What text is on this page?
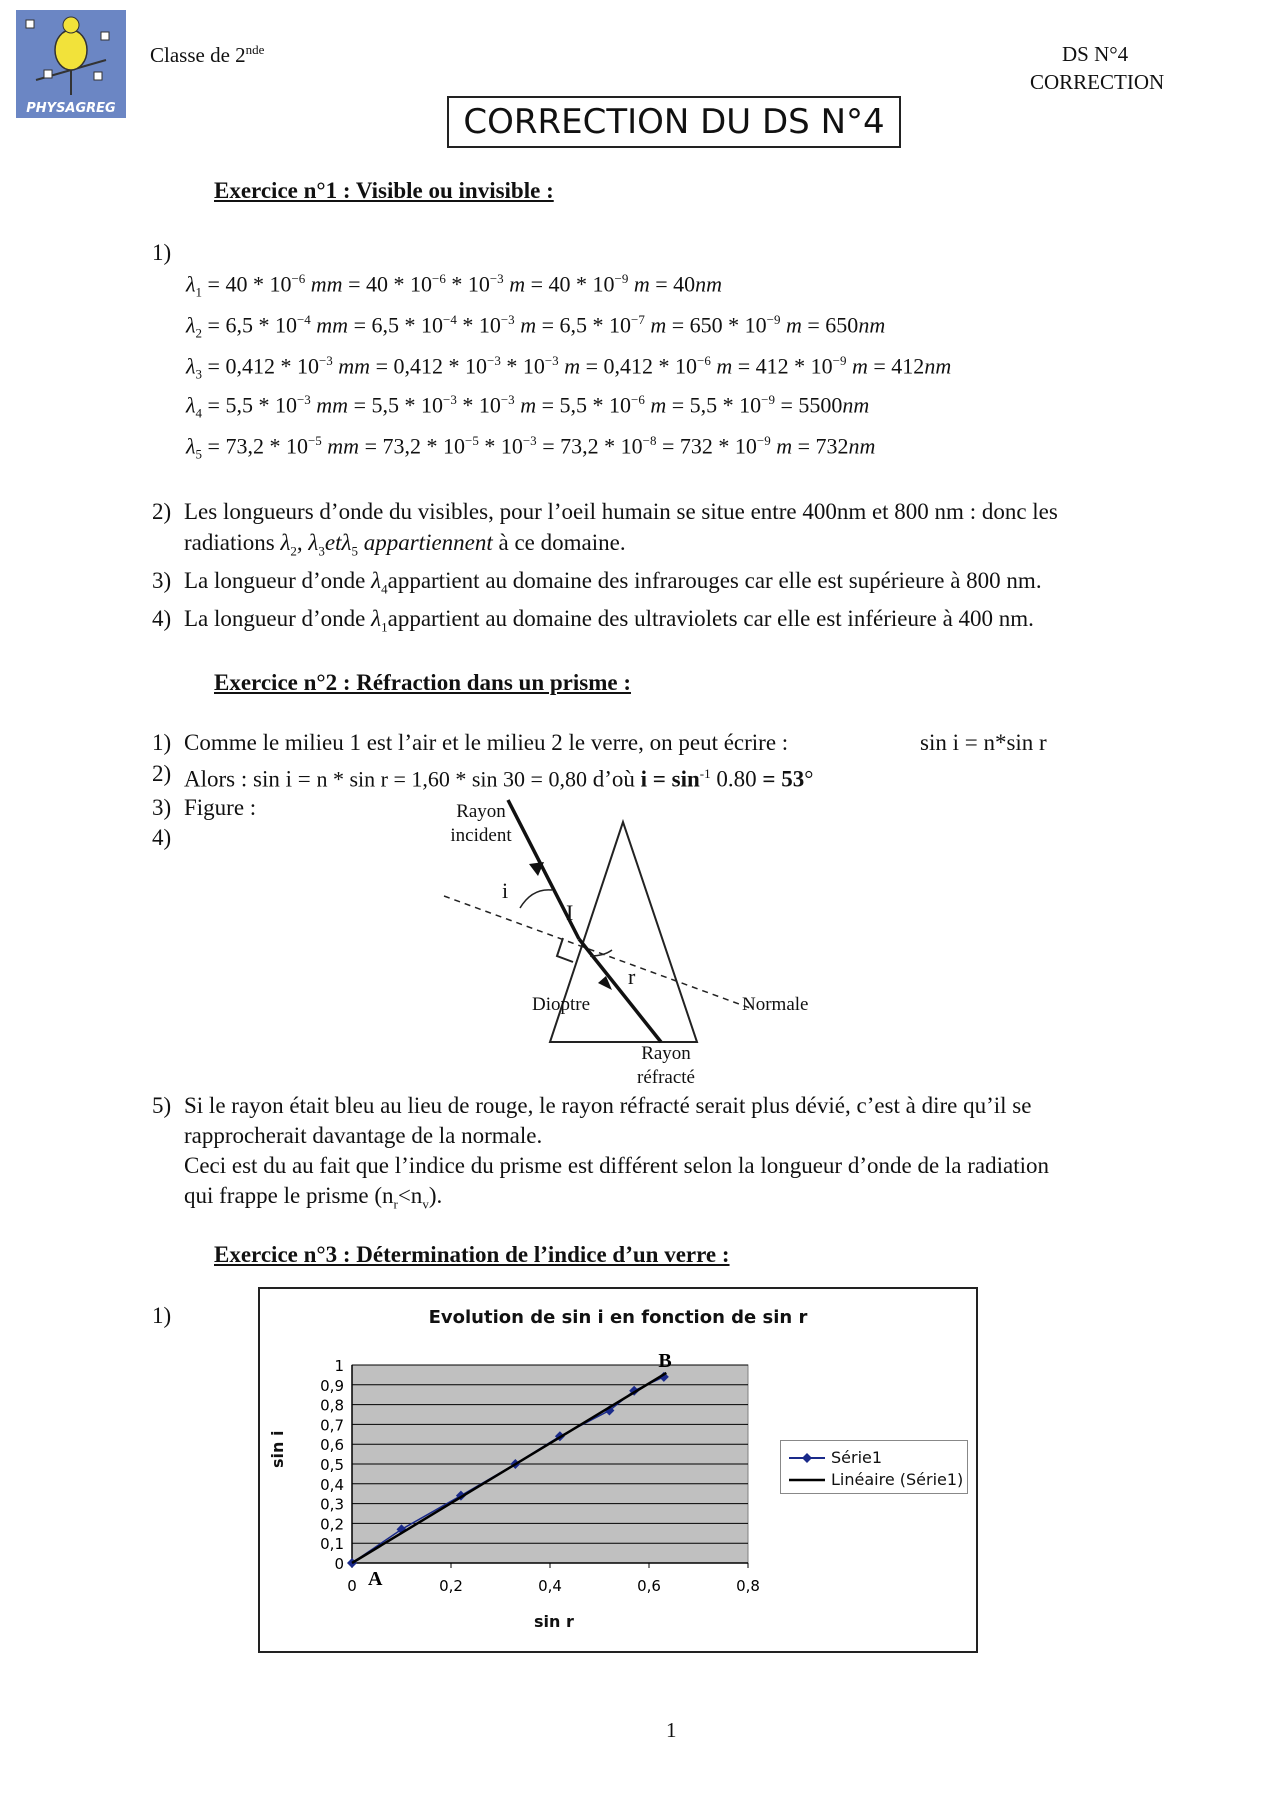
PHYSAGREG
Classe de 2nde	DS N°4
CORRECTION
CORRECTION DU DS N°4
Exercice n°1 : Visible ou invisible :
1)
$\lambda_1 = 40 * 10^{-6}$ mm = $40 * 10^{-6} * 10^{-3}$ $m = 40 * 10^{-9}$ m = 40nm
$\lambda_2 = 6,5 * 10^{-4}$ mm = $6,5 * 10^{-4} * 10^{-3}$ $m = 6,5 * 10^{-7}$ $m = 650 * 10^{-9}$ m = 650nm
$\lambda_3 = 0,412 * 10^{-3}$ mm = $0,412 * 10^{-3} * 10^{-3}$ $m = 0,412 * 10^{-6}$ $m = 412 * 10^{-9}$ m = 412nm
$\lambda_4 = 5,5 * 10^{-3}$ mm = $5,5 * 10^{-3} * 10^{-3}$ $m = 5,5 * 10^{-6}$ $m = 5,5 * 10^{-9} = 5500nm$
$\lambda_5 = 73,2 * 10^{-5}$ mm = $73,2 * 10^{-5} * 10^{-3} = 73,2 * 10^{-8} = 732 * 10^{-9}$ m = 732nm
2) Les longueurs d’onde du visibles, pour l’oeil humain se situe entre 400nm et 800 nm : donc les
radiations $\lambda_2$, $\lambda_3et\lambda_5$ appartiennent à ce domaine.
3) La longueur d’onde $\lambda_4appartient$ au domaine des infrarouges car elle est supérieure à 800 nm.
4) La longueur d’onde $\lambda_1appartient$ au domaine des ultraviolets car elle est inférieure à 400 nm.
Exercice n°2 : Réfraction dans un prisme :
1) Comme le milieu 1 est l’air et le milieu 2 le verre, on peut écrire :	sin i = n*sin r
2) Alors : sin i = n * sin r = 1,60 * sin 30 = 0,80 d’où $i = \sin^{-1} 0.80 = 53^\circ$
3) Figure :
4)
Rayon
incident
i
I
r
Dioptre	Normale
Rayon
réfracté
5) Si le rayon était bleu au lieu de rouge, le rayon réfracté serait plus dévié, c’est à dire qu’il se
rapprocherait davantage de la normale.
Ceci est du au fait que l’indice du prisme est différent selon la longueur d’onde de la radiation
qui frappe le prisme $(n_r<n_v)$.
Exercice n°3 : Détermination de l’indice d’un verre :
1)	Evolution de sin i en fonction de sin r
0
0,1
0,2
0,3
0,4
0,5
0,6
0,7
0,8
0,9
1
0	0,2	0,4	0,6	0,8
A
B
sin r
sin i	Série1
Linéaire (Série1)
1
